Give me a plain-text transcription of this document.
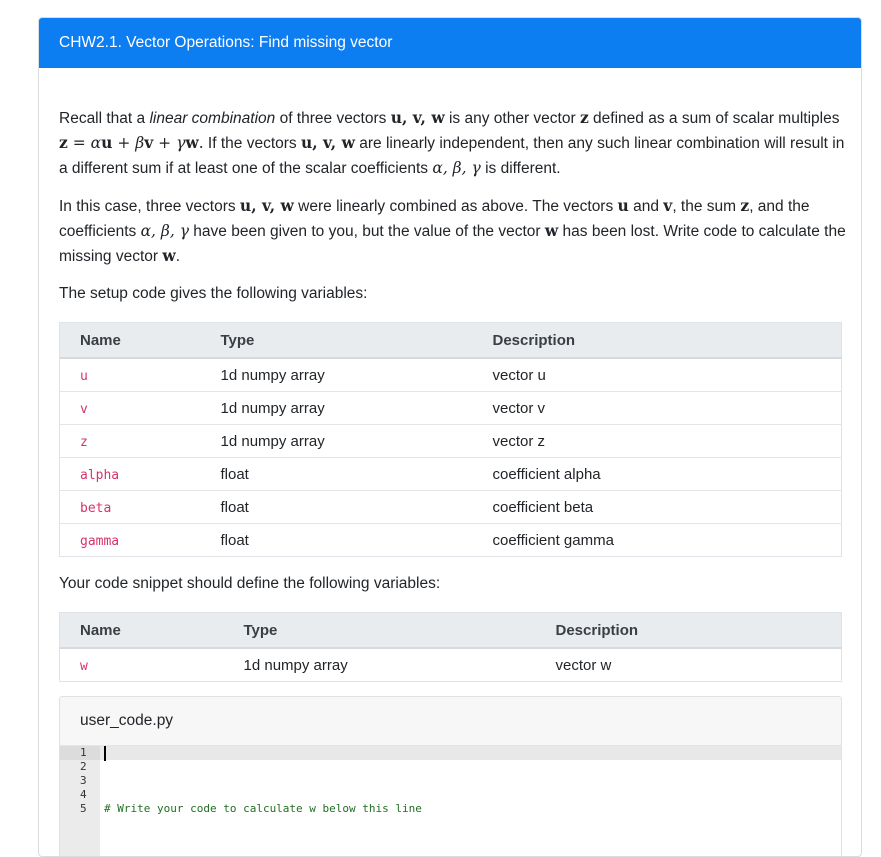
CHW2.1. Vector Operations: Find missing vector

Recall that a linear combination of three vectors u, v, w is any other vector z defined as a sum of scalar multiples z = αu + βv + γw. If the vectors u, v, w are linearly independent, then any such linear combination will result in a different sum if at least one of the scalar coefficients α, β, γ is different.

In this case, three vectors u, v, w were linearly combined as above. The vectors u and v, the sum z, and the coefficients α, β, γ have been given to you, but the value of the vector w has been lost. Write code to calculate the missing vector w.

The setup code gives the following variables:

Name	Type	Description
u	1d numpy array	vector u
v	1d numpy array	vector v
z	1d numpy array	vector z
alpha	float	coefficient alpha
beta	float	coefficient beta
gamma	float	coefficient gamma

Your code snippet should define the following variables:

Name	Type	Description
w	1d numpy array	vector w
user_code.py
1
2
3
4
5 # Write your code to calculate w below this line
